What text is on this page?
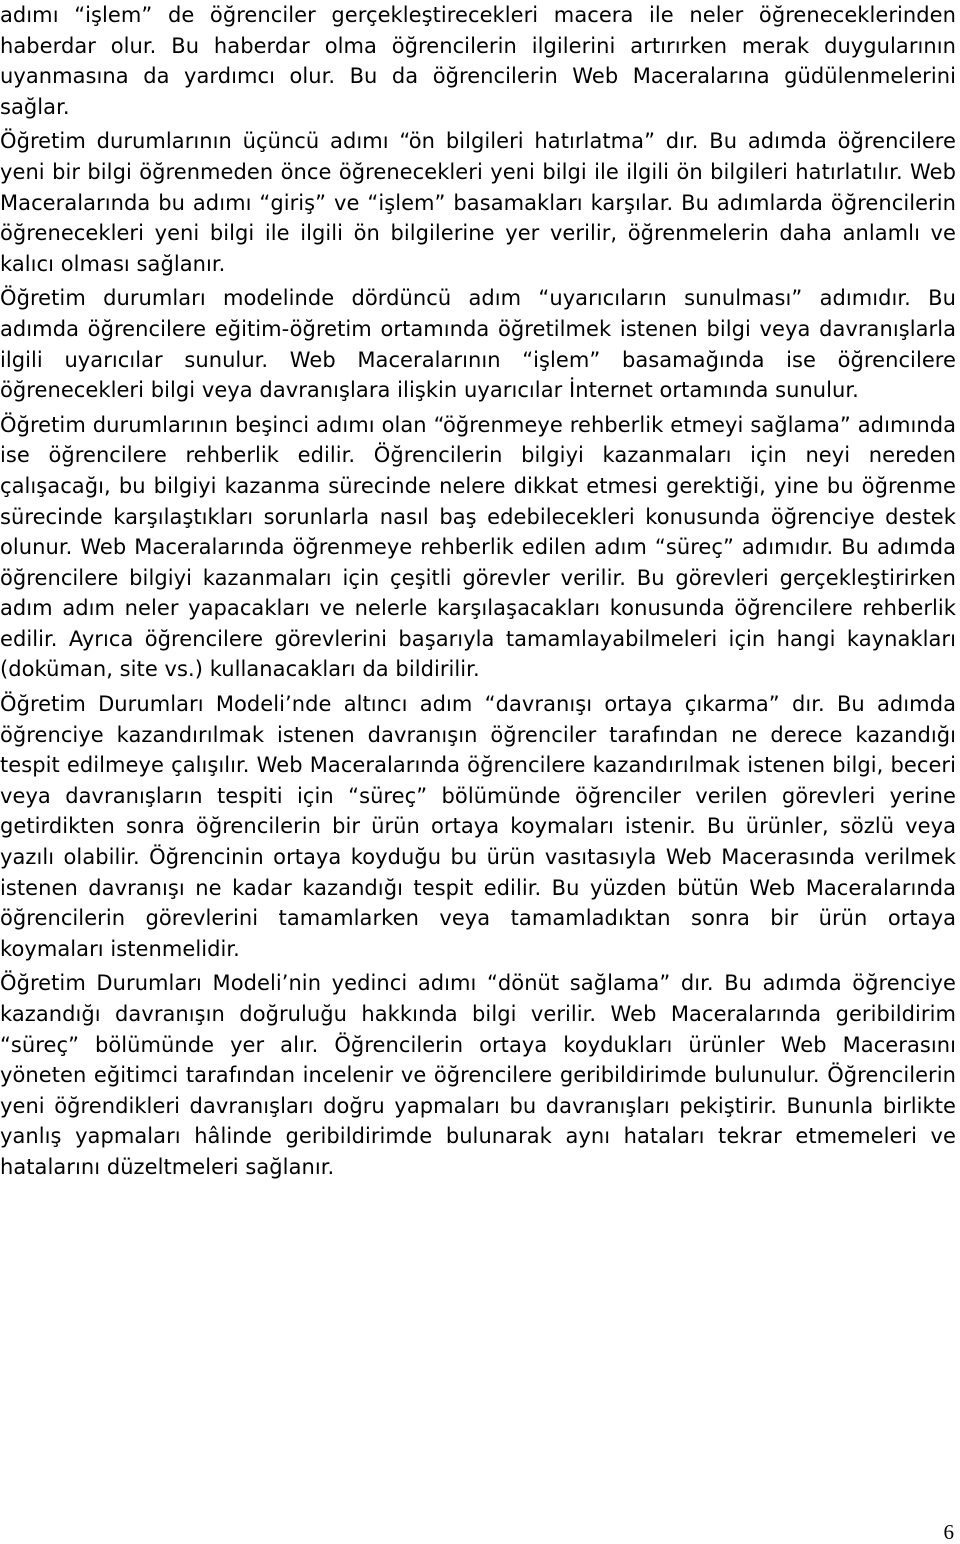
adımı “işlem” de öğrenciler gerçekleştirecekleri macera ile neler öğreneceklerinden haberdar olur. Bu haberdar olma öğrencilerin ilgilerini artırırken merak duygularının uyanmasına da yardımcı olur. Bu da öğrencilerin Web Maceralarına güdülenmelerini sağlar.

Öğretim durumlarının üçüncü adımı “ön bilgileri hatırlatma” dır. Bu adımda öğrencilere yeni bir bilgi öğrenmeden önce öğrenecekleri yeni bilgi ile ilgili ön bilgileri hatırlatılır. Web Maceralarında bu adımı “giriş” ve “işlem” basamakları karşılar. Bu adımlarda öğrencilerin öğrenecekleri yeni bilgi ile ilgili ön bilgilerine yer verilir, öğrenmelerin daha anlamlı ve kalıcı olması sağlanır.

Öğretim durumları modelinde dördüncü adım “uyarıcıların sunulması” adımıdır. Bu adımda öğrencilere eğitim-öğretim ortamında öğretilmek istenen bilgi veya davranışlarla ilgili uyarıcılar sunulur. Web Maceralarının “işlem” basamağında ise öğrencilere öğrenecekleri bilgi veya davranışlara ilişkin uyarıcılar İnternet ortamında sunulur.

Öğretim durumlarının beşinci adımı olan “öğrenmeye rehberlik etmeyi sağlama” adımında ise öğrencilere rehberlik edilir. Öğrencilerin bilgiyi kazanmaları için neyi nereden çalışacağı, bu bilgiyi kazanma sürecinde nelere dikkat etmesi gerektiği, yine bu öğrenme sürecinde karşılaştıkları sorunlarla nasıl baş edebilecekleri konusunda öğrenciye destek olunur. Web Maceralarında öğrenmeye rehberlik edilen adım “süreç” adımıdır. Bu adımda öğrencilere bilgiyi kazanmaları için çeşitli görevler verilir. Bu görevleri gerçekleştirirken adım adım neler yapacakları ve nelerle karşılaşacakları konusunda öğrencilere rehberlik edilir. Ayrıca öğrencilere görevlerini başarıyla tamamlayabilmeleri için hangi kaynakları (doküman, site vs.) kullanacakları da bildirilir.

Öğretim Durumları Modeli’nde altıncı adım “davranışı ortaya çıkarma” dır. Bu adımda öğrenciye kazandırılmak istenen davranışın öğrenciler tarafından ne derece kazandığı tespit edilmeye çalışılır. Web Maceralarında öğrencilere kazandırılmak istenen bilgi, beceri veya davranışların tespiti için “süreç” bölümünde öğrenciler verilen görevleri yerine getirdikten sonra öğrencilerin bir ürün ortaya koymaları istenir. Bu ürünler, sözlü veya yazılı olabilir. Öğrencinin ortaya koyduğu bu ürün vasıtasıyla Web Macerasında verilmek istenen davranışı ne kadar kazandığı tespit edilir. Bu yüzden bütün Web Maceralarında öğrencilerin görevlerini tamamlarken veya tamamladıktan sonra bir ürün ortaya koymaları istenmelidir.

Öğretim Durumları Modeli’nin yedinci adımı “dönüt sağlama” dır. Bu adımda öğrenciye kazandığı davranışın doğruluğu hakkında bilgi verilir. Web Maceralarında geribildirim “süreç” bölümünde yer alır. Öğrencilerin ortaya koydukları ürünler Web Macerasını yöneten eğitimci tarafından incelenir ve öğrencilere geribildirimde bulunulur. Öğrencilerin yeni öğrendikleri davranışları doğru yapmaları bu davranışları pekiştirir. Bununla birlikte yanlış yapmaları hâlinde geribildirimde bulunarak aynı hataları tekrar etmemeleri ve hatalarını düzeltmeleri sağlanır.

6
